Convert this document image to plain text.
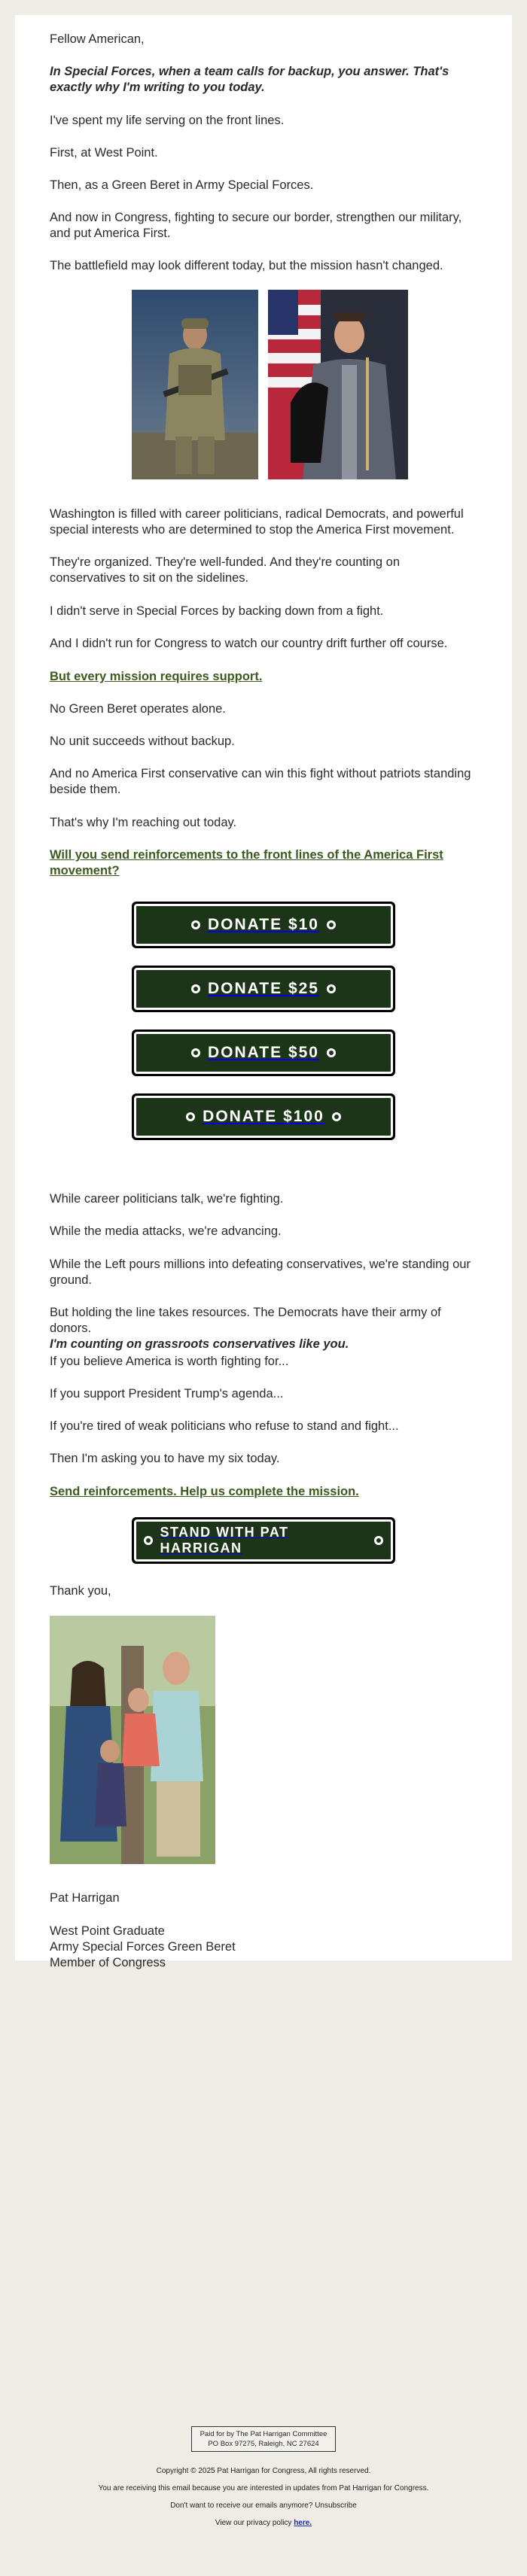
Fellow American,

In Special Forces, when a team calls for backup, you answer. That's exactly why I'm writing to you today.

I've spent my life serving on the front lines.

First, at West Point.

Then, as a Green Beret in Army Special Forces.

And now in Congress, fighting to secure our border, strengthen our military, and put America First.

The battlefield may look different today, but the mission hasn't changed.

Washington is filled with career politicians, radical Democrats, and powerful special interests who are determined to stop the America First movement.

They're organized. They're well-funded. And they're counting on conservatives to sit on the sidelines.

I didn't serve in Special Forces by backing down from a fight.

And I didn't run for Congress to watch our country drift further off course.

But every mission requires support.

No Green Beret operates alone.

No unit succeeds without backup.

And no America First conservative can win this fight without patriots standing beside them.

That's why I'm reaching out today.

Will you send reinforcements to the front lines of the America First movement?
DONATE $10
DONATE $25
DONATE $50
DONATE $100

While career politicians talk, we're fighting.

While the media attacks, we're advancing.

While the Left pours millions into defeating conservatives, we're standing our ground.

But holding the line takes resources. The Democrats have their army of donors.
I'm counting on grassroots conservatives like you.

If you believe America is worth fighting for...

If you support President Trump's agenda...

If you're tired of weak politicians who refuse to stand and fight...

Then I'm asking you to have my six today.

Send reinforcements. Help us complete the mission.
STAND WITH PAT HARRIGAN

Thank you,

Pat Harrigan

West Point Graduate

Army Special Forces Green Beret

Member of Congress

Paid for by The Pat Harrigan Committee
PO Box 97275, Raleigh, NC 27624
Copyright © 2025 Pat Harrigan for Congress, All rights reserved.
You are receiving this email because you are interested in updates from Pat Harrigan for Congress.
Don't want to receive our emails anymore? Unsubscribe
View our privacy policy here.
